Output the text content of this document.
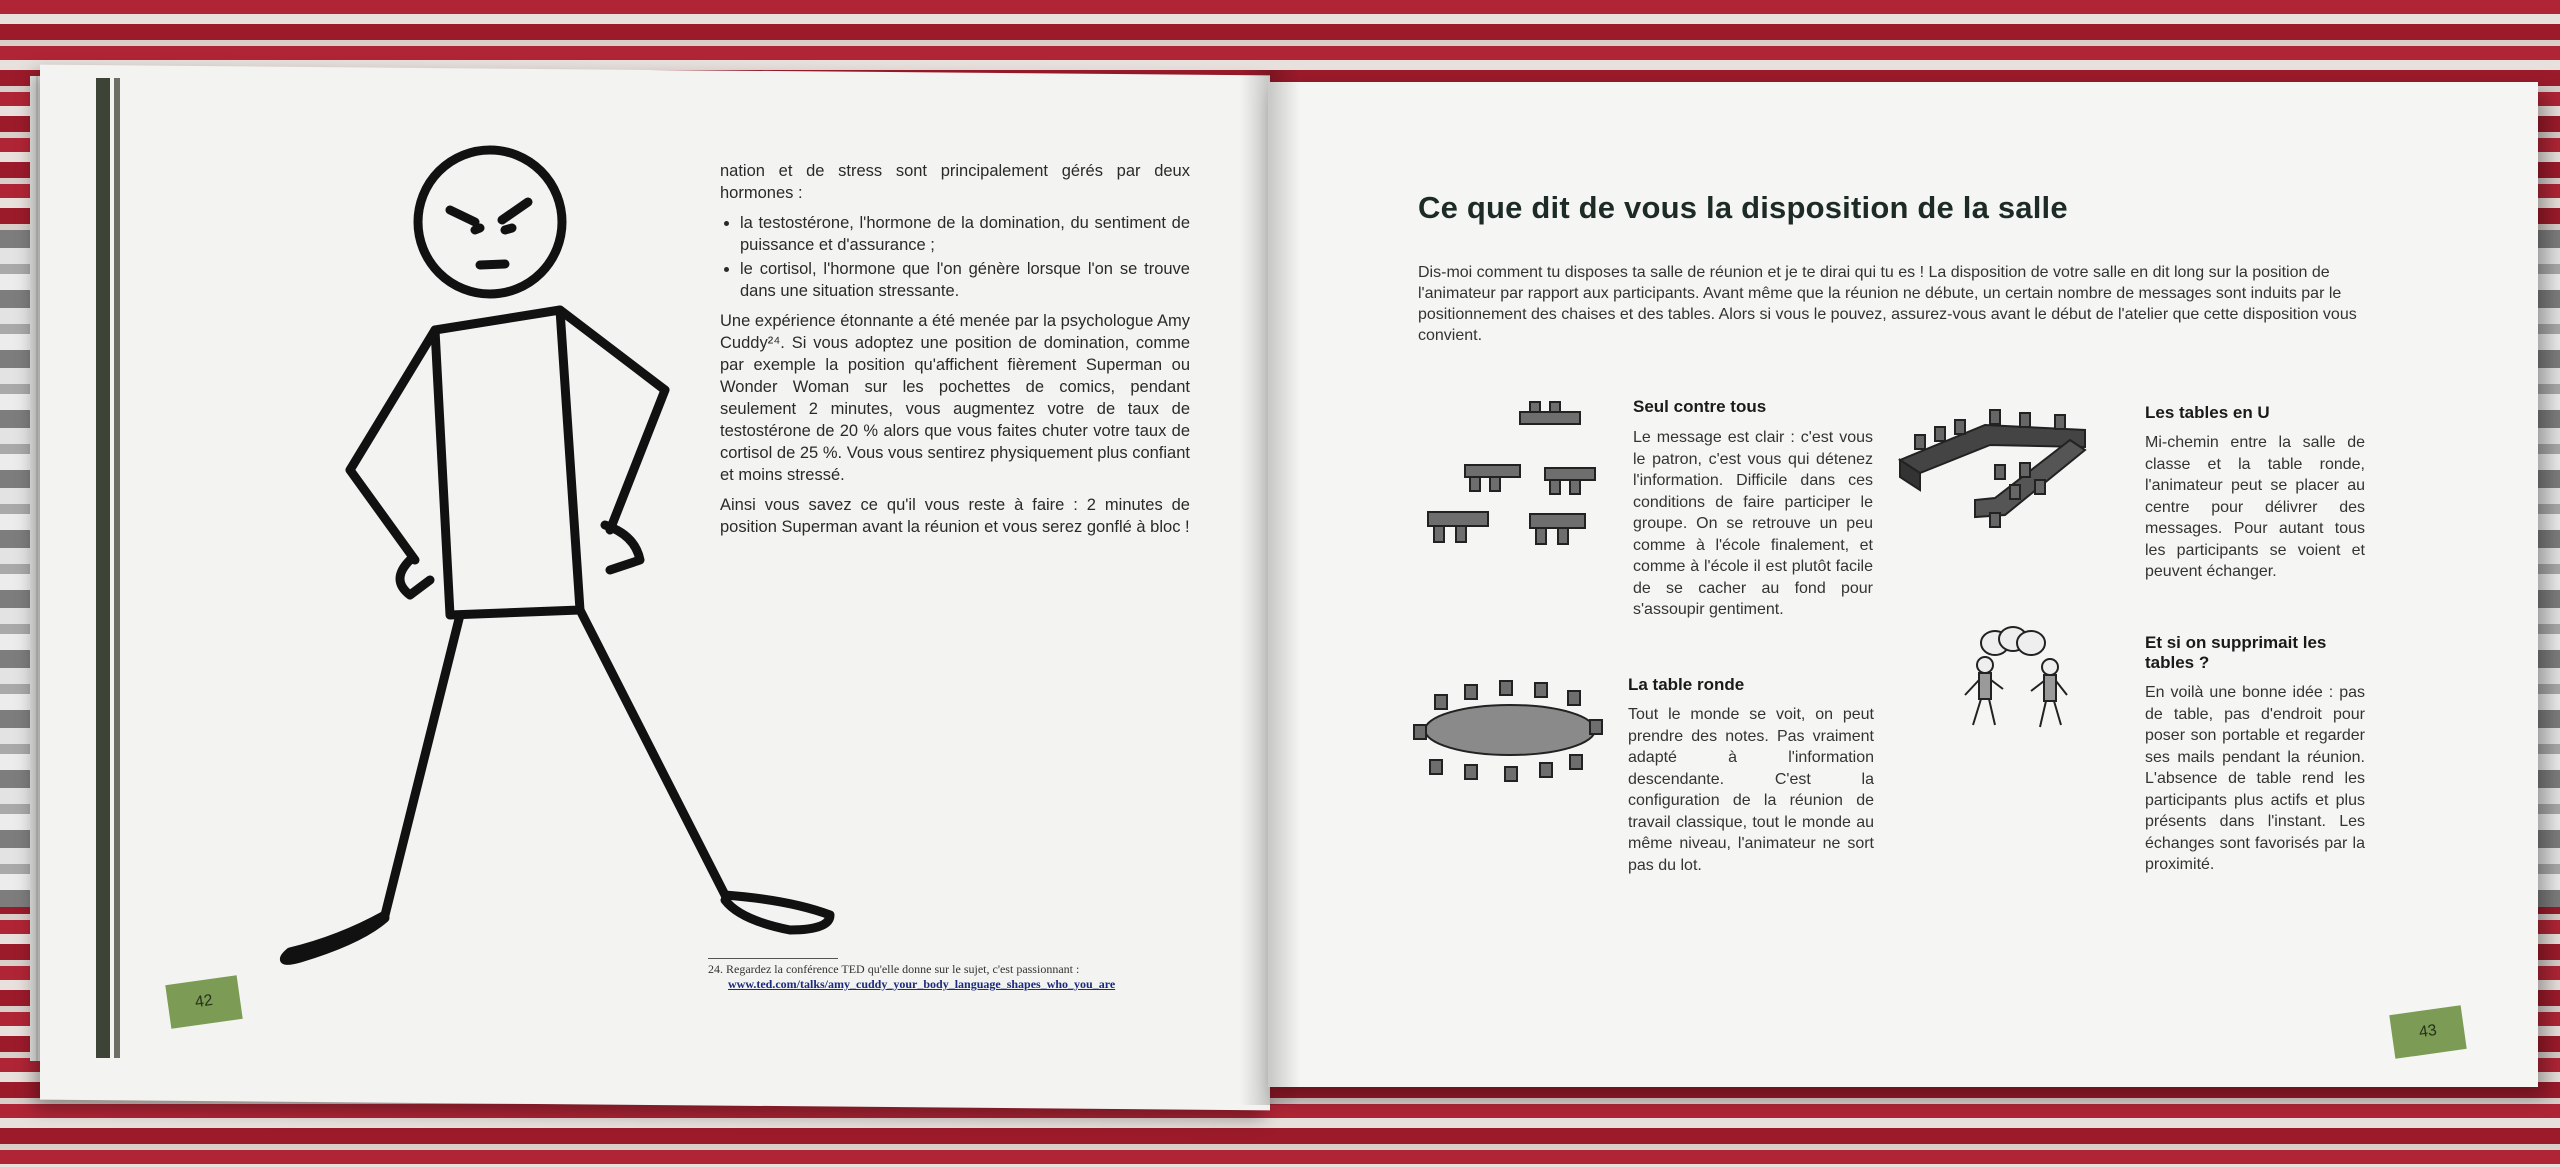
nation et de stress sont principalement gérés par deux hormones :

• la testostérone, l'hormone de la domination, du sentiment de puissance et d'assurance ;
• le cortisol, l'hormone que l'on génère lorsque l'on se trouve dans une situation stressante.

Une expérience étonnante a été menée par la psychologue Amy Cuddy²⁴. Si vous adoptez une position de domination, comme par exemple la position qu'affichent fièrement Superman ou Wonder Woman sur les pochettes de comics, pendant seulement 2 minutes, vous augmentez votre de taux de testostérone de 20 % alors que vous faites chuter votre taux de cortisol de 25 %. Vous vous sentirez physiquement plus confiant et moins stressé.

Ainsi vous savez ce qu'il vous reste à faire : 2 minutes de position Superman avant la réunion et vous serez gonflé à bloc !

24. Regardez la conférence TED qu'elle donne sur le sujet, c'est passionnant :
www.ted.com/talks/amy_cuddy_your_body_language_shapes_who_you_are
42
Ce que dit de vous la disposition de la salle
Dis-moi comment tu disposes ta salle de réunion et je te dirai qui tu es ! La disposition de votre salle en dit long sur la position de l'animateur par rapport aux participants. Avant même que la réunion ne débute, un certain nombre de messages sont induits par le positionnement des chaises et des tables. Alors si vous le pouvez, assurez-vous avant le début de l'atelier que cette disposition vous convient.
Seul contre tous
Le message est clair : c'est vous le patron, c'est vous qui détenez l'information. Difficile dans ces conditions de faire participer le groupe. On se retrouve un peu comme à l'école finalement, et comme à l'école il est plutôt facile de se cacher au fond pour s'assoupir gentiment.
La table ronde
Tout le monde se voit, on peut prendre des notes. Pas vraiment adapté à l'information descendante. C'est la configuration de la réunion de travail classique, tout le monde au même niveau, l'animateur ne sort pas du lot.
Les tables en U
Mi-chemin entre la salle de classe et la table ronde, l'animateur peut se placer au centre pour délivrer des messages. Pour autant tous les participants se voient et peuvent échanger.
Et si on supprimait les tables ?
En voilà une bonne idée : pas de table, pas d'endroit pour poser son portable et regarder ses mails pendant la réunion. L'absence de table rend les participants plus actifs et plus présents dans l'instant. Les échanges sont favorisés par la proximité.
43
